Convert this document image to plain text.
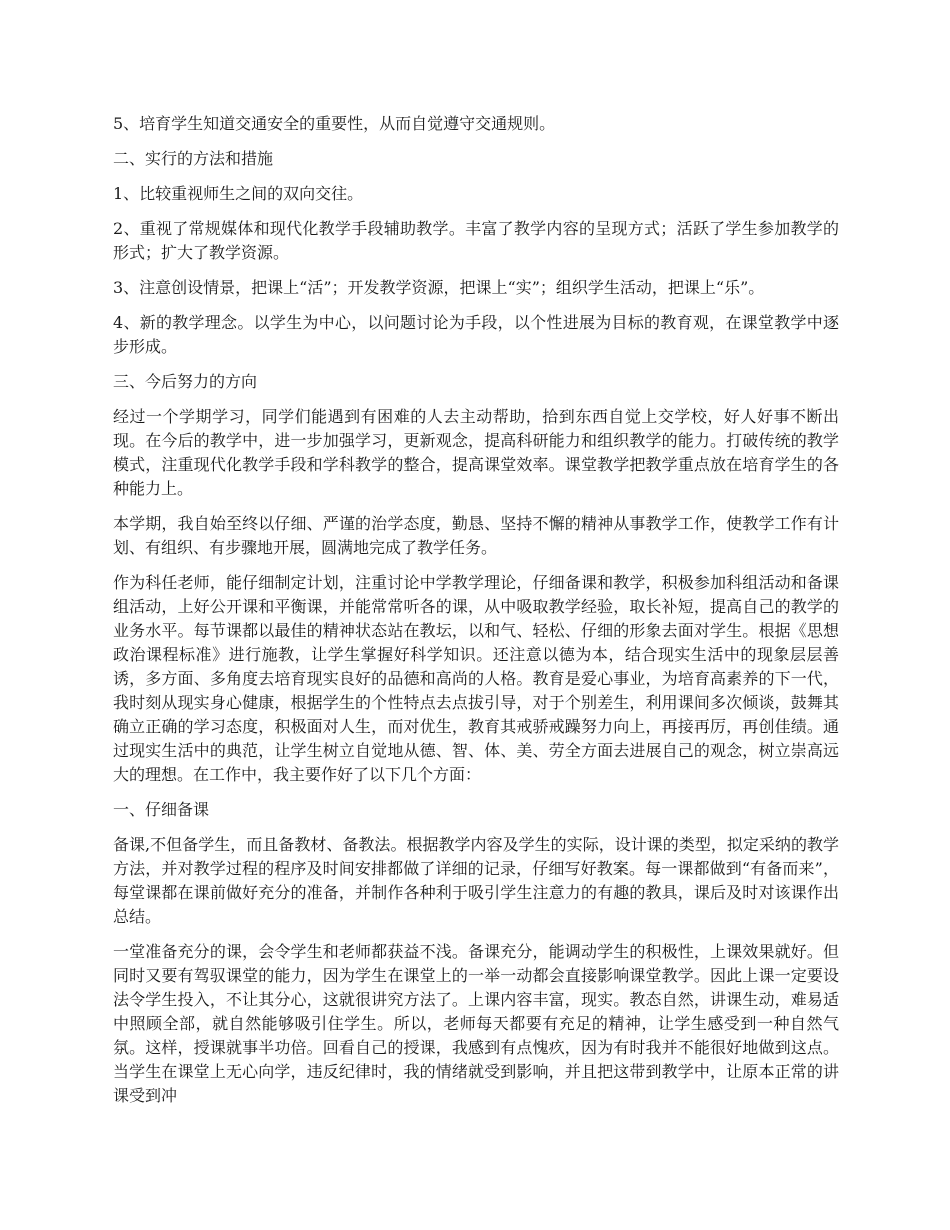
5、培育学生知道交通安全的重要性，从而自觉遵守交通规则。

二、实行的方法和措施

1、比较重视师生之间的双向交往。

2、重视了常规媒体和现代化教学手段辅助教学。丰富了教学内容的呈现方式；活跃了学生参加教学的形式；扩大了教学资源。

3、注意创设情景，把课上“活”；开发教学资源，把课上“实”；组织学生活动，把课上“乐”。

4、新的教学理念。以学生为中心，以问题讨论为手段，以个性进展为目标的教育观，在课堂教学中逐步形成。

三、今后努力的方向

经过一个学期学习，同学们能遇到有困难的人去主动帮助，拾到东西自觉上交学校，好人好事不断出现。在今后的教学中，进一步加强学习，更新观念，提高科研能力和组织教学的能力。打破传统的教学模式，注重现代化教学手段和学科教学的整合，提高课堂效率。课堂教学把教学重点放在培育学生的各种能力上。

本学期，我自始至终以仔细、严谨的治学态度，勤恳、坚持不懈的精神从事教学工作，使教学工作有计划、有组织、有步骤地开展，圆满地完成了教学任务。

作为科任老师，能仔细制定计划，注重讨论中学教学理论，仔细备课和教学，积极参加科组活动和备课组活动，上好公开课和平衡课，并能常常听各的课，从中吸取教学经验，取长补短，提高自己的教学的业务水平。每节课都以最佳的精神状态站在教坛，以和气、轻松、仔细的形象去面对学生。根据《思想政治课程标准》进行施教，让学生掌握好科学知识。还注意以德为本，结合现实生活中的现象层层善诱，多方面、多角度去培育现实良好的品德和高尚的人格。教育是爱心事业，为培育高素养的下一代，我时刻从现实身心健康，根据学生的个性特点去点拔引导，对于个别差生，利用课间多次倾谈，鼓舞其确立正确的学习态度，积极面对人生，而对优生，教育其戒骄戒躁努力向上，再接再厉，再创佳绩。通过现实生活中的典范，让学生树立自觉地从德、智、体、美、劳全方面去进展自己的观念，树立崇高远大的理想。在工作中，我主要作好了以下几个方面：

一、仔细备课

备课,不但备学生，而且备教材、备教法。根据教学内容及学生的实际，设计课的类型，拟定采纳的教学方法，并对教学过程的程序及时间安排都做了详细的记录，仔细写好教案。每一课都做到“有备而来”，每堂课都在课前做好充分的准备，并制作各种利于吸引学生注意力的有趣的教具，课后及时对该课作出总结。

一堂准备充分的课，会令学生和老师都获益不浅。备课充分，能调动学生的积极性，上课效果就好。但同时又要有驾驭课堂的能力，因为学生在课堂上的一举一动都会直接影响课堂教学。因此上课一定要设法令学生投入，不让其分心，这就很讲究方法了。上课内容丰富，现实。教态自然，讲课生动，难易适中照顾全部，就自然能够吸引住学生。所以，老师每天都要有充足的精神，让学生感受到一种自然气氛。这样，授课就事半功倍。回看自己的授课，我感到有点愧疚，因为有时我并不能很好地做到这点。当学生在课堂上无心向学，违反纪律时，我的情绪就受到影响，并且把这带到教学中，让原本正常的讲课受到冲
